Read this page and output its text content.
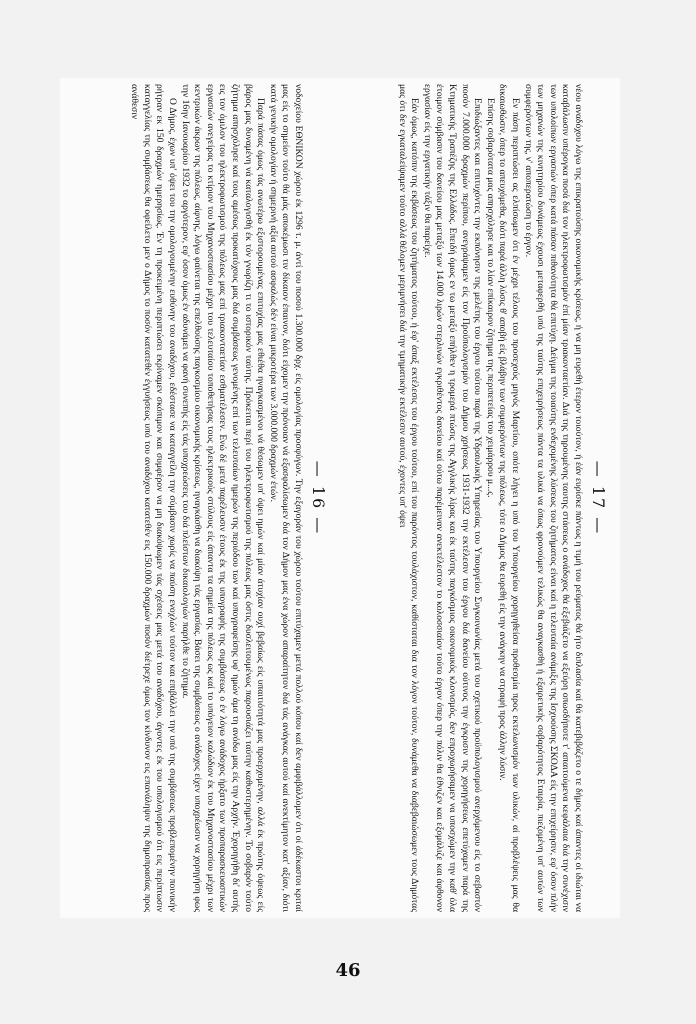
— 16 —

νοδοχείου ΕΘΝΙΚΟΝ χώρου έκ 1296 τ. μ. άντί του ποσού 1.300.000 δρχ. είς ομολογίας προσφύγων. Την εξαγοράν του χώρου τούτου επιτύχαμεν μετά πολλού κόπου καί δεν αμφιβάλλομεν ότι οί άδέκαστοι κριταί μας είς το σημείον τούτο θά μάς αποκέμωσι τιν δίκαιον έπαινον, διότι είχομεν την πρόνοιαν νά εξασφαλίσωμεν διά τον Δήμον μας ένα χώρον απαραίτητον διά τάς ανάγκας αυτού καί ανεκτίμητον κατ' αξίαν, διότι κατά γενικήν ομολογίαν ή σημερινή αξία αυτού ασφαλώς δέν είναι μικροτέρα των 3.000.000 δραχμών έτών.

Παρά πάσας όμως τάς ανωτέρω εξιστορουμένας επιτυχίας μας εθιέθα ηναγκασμένοι νά θέσωμεν υπ' όψει ημών καί μίαν άτυχίαν ουχί βεβαίως είς υπαιτιότητά μας προερχομένην, αλλά έκ πρώτης όψεως είς βάρος μας δυναμένη νά καταλογισθή έκ τόν γνωρίζη τι το ιστορικόν ταύτης. Πρόκειται περί του ηλεκτροφωτισμού της πόλεως μας όστις δυσλειτουμένως παρουσιάζει ταύτην καθυστερημένην. Το σοβαρόν τούτο ζήτημα απησχόλησε καί τους αμέσως προκατόχους μας διά συμβάσεως γενομένης επί των τελευταίων ημερών της περιόδου των καί υπογραφείσης υφ' ημών άμα τη ανόδω μας είς την Αρχήν. Έχορηγήθη δι' αυτής εις τον όμιλον του ηλεκτροφωτισμού της πόλεως μας επί τριακονταετίαν εσθματέλεσεν. Ενώ δέ μετά παρέλευσιν έτους έκ της υπογραφής της συμβάσεως ο έν λόγω ανάδοχος ήρξατο των προπαρασκευαστικών εργασιών ανεγείρας το κτίριον του Μηχανοστασίου μέχρι του τελευταίου τοποθετήσας τους ηλεκτρικούς στύλους είς άπαντα τα σημεία της πόλεως ως καί το υπόγειον καλώδιον έκ του Μηχανοστασίου μέχρι των κεντρικών άκρων της πόλεως, αίφνης, λόγω φαίνεται της επελθούσης παγκοσμίου οικονομικής κρίσεως, ηναγκάσθη να διακόψη τάς εργασίας. Βάσει της συμβάσεως ο ανάδοχος είχεν υποχρέωσιν να χορηγήση φως την 16ην Ιανουαρίου 1932 το αργότερον, εφ' όσον όμως έν αδυνάμει να φανή συνεπής είς τάς υποχρεώσεις του διά πλείστων δικαιολογιών παρήλθε το ζήτημα.

Ο Δήμος, έχων υπ' όψει του την ομολογουμένην ευθύνην του αναδόχου, εδέστασε να καταγγείλη την σύμβασιν χωρίς να παύση ενοχλών τούτον και επιβάλλει την υπό της συμβάσεως προβλεπομένην ποινικήν ρήτραν εκ 150 δραχμών ημερησίως. Έν τη προκειμένη περιπτώσει εκρίναμεν σκόπιμον και συμφέρον να μη διακόψωμεν τάς σχέσεις μας μετά του αναδόχου, άγοντες έκ του υπολογισμού ότι εις περίπτωσιν καταγγελίας της συμβάσεως θα οφείλετο μεν ο Δήμος το ποσόν κατατεθέν έγγυήσεως υπό του αναδόχου κατατεθέν εις 150.000 δραχμών ποσόν διέτρεχε όμως τον κίνδυνον εις επανάληψιν της δημοπρασίας προς ανάθεσιν

— 17 —

νέου αναδόχου λόγω της επικρατούσης οικονομικής κρίσεως, ή να μη ευρεθή έτερον τοιούτον, ή έάν ευρίσκε πάντως η τιμή του ρεύματος θά ήτο διπλασία καί θά κατεβιβάζετο ο τε δήμος καί άπαντες οί ιδιώται να καταβάλωσιν υπέρογκα ποσά διά τον ηλεκτροφωτισμόν έπί μίαν τριακονταετίαν. Διά της τηρουμένης ταυτης στάσεως ο ανάδοχος θά εξεβιάζετο να εξεύρη οπωσδήποτε τ' απαιτούμενα κεφάλαια διά την συνέχισιν των υπολοίπων εργασιών όπερ κατά πάσαν πιθανότητα θά επιτύχη. Δείγμα της τοιαύτης ενδεχομένης λύσεως του ζητήματος είναι καί η τελευταία ανάμιξις της Ισχυούσης ΣΚΟΔΑ είς την επιχείρησιν, εφ' όσον πλήν των μηχανών της κινητηρίου δυνάμεως έχουσι μεταφερθή υπό της ταύτης επιχειρήσεως πάντα τα υλικά να όπως φρονούμεν τελικώς θα αναγκασθή ή εξαιρετικής σοβαρότητος Εταιρία, πιεζομένη υπ' αυτών των συμφερόντων της, ν' αποπερατώση το έργον.

Εν πάση περιπτώσει ας ελπίσωμεν ότι έν μέχρι τέλους του προσεχούς μηνός Μαρτίου, οπότε λήγει η υπό του Υπουργείου χορηγηθείσα προθεσμία προς εκτελωνισμόν των υλικών, αί προβλέψεις μας θα δικαιωθώσιν, όπερ το απευχόμεθα, διότι παρά άλλη λύσις θ' αποβή είς βλάβην των συμφερόντων της πόλεως, τότε ο Δήμος θα ευρεθή είς την ανάγκην να στραφή προς άλλην λύσιν.

Επίσης σοβαρότατα μας απησχόλησε και το λίαν επίκαιρον ζήτημα της περιπετείας του χειμάρρου μ...ς.

Επιδιώξαντες και επιτυχόντες την εκπόνησιν της μελέτης του έργου τούτου παρά της Υδραυλικής Υπηρεσίας του Υπουργείου Συγκοινωνίας μετά του σχετικού προϋπολογισμού ανερχόμενου είς το σεβαστόν ποσόν 7.000.000 δραχμών περίπου, ανεγράψαμεν είς τον Προϋπολογισμόν του Δήμου χρήσεως 1931-1932 την εκτέλεσιν του έργου διά δανείου ούτινος την έγκρισιν της χορηγήσεως επετύχαμεν παρά της Κτηματικής Τραπέζης της Ελλάδος. Επειδή όμως εν τω μεταξύ επήλθεν η τρομερά πτώσις της Αγγλικής λίρας και έκ ταύτης παγκόσμιος οικονομικός κλονισμός, δεν επροχωρήσαμεν να υποσχώμεν την καθ' όλα έτοιμον σύμβασιν του δανείου μας μεταξύ των 14.000 λιρών στερλινών εγκριθέντος δανείου καί ούτω παρέμειναν ανεκτέλεστον το κολοσσιαίον τούτο έργον όπερ την πόλιν θα έθνιζεν και εξομάλιζε και άφθονον εργασίαν είς την εργατικήν τάξιν θα παρείχε.

Εάν όμως, κατόπιν της εκβάσεως του ζητήματος τούτου, ή έφ' άπαξ εκτέλεσις του έργου τούτου, επί του παρόντος τουλάχιστον, καθίσταται δια τον λόγον τούτον, δυνάμεθα να διαβεβαιώσωμεν τους Δημότας μας ότι δεν εγκαταλείψαμεν τούτο αλλά θέλομεν μεριμνήσει διά την τμηματικήν εκτέλεσιν αυτού, έχοντες υπ' όψει

46
